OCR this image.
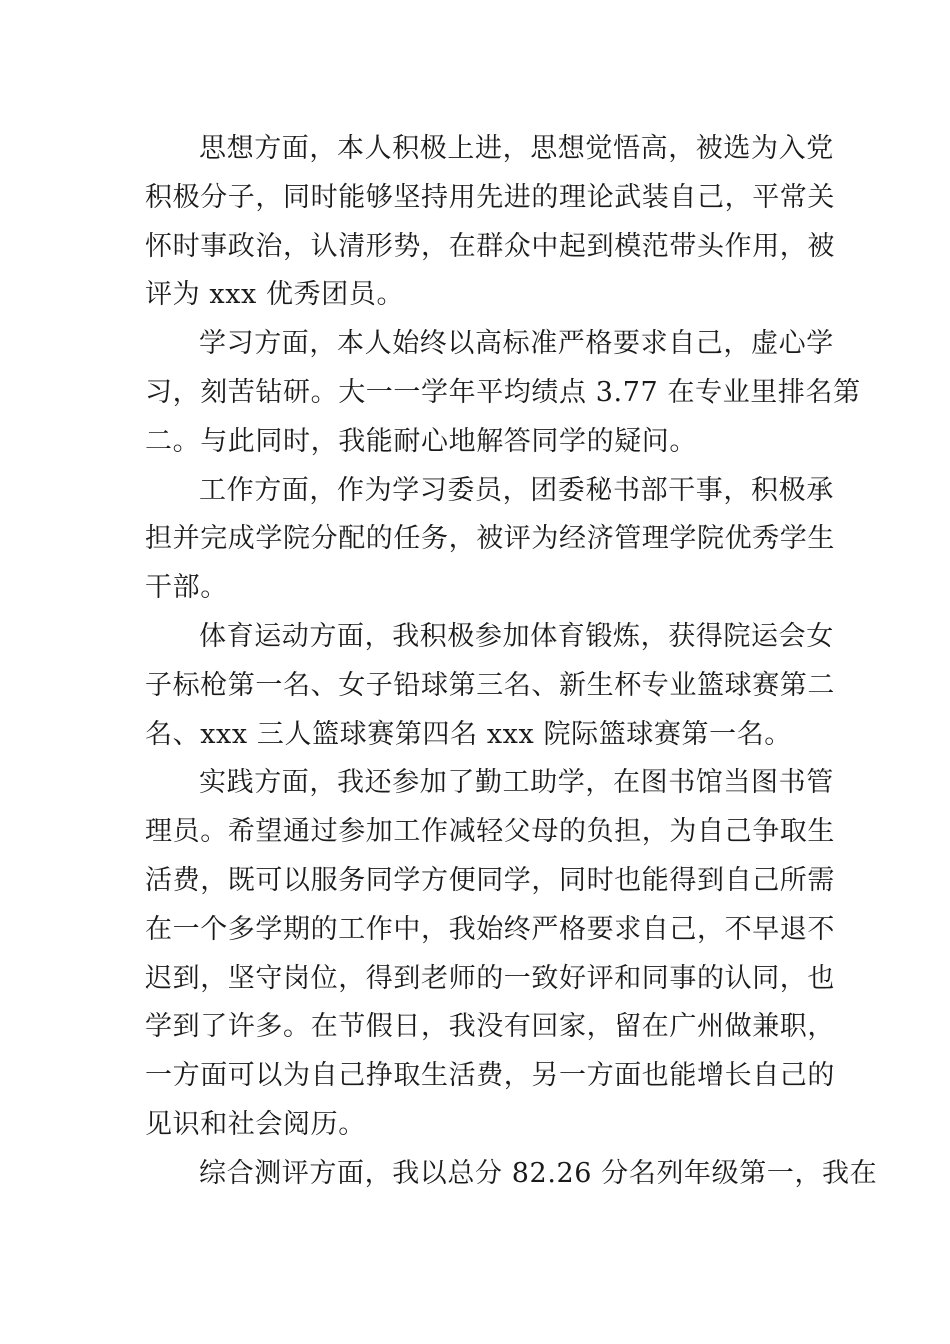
思想方面，本人积极上进，思想觉悟高，被选为入党
积极分子，同时能够坚持用先进的理论武装自己，平常关
怀时事政治，认清形势，在群众中起到模范带头作用，被
评为 xxx 优秀团员。
学习方面，本人始终以高标准严格要求自己，虚心学
习，刻苦钻研。大一一学年平均绩点 3.77 在专业里排名第
二。与此同时，我能耐心地解答同学的疑问。
工作方面，作为学习委员，团委秘书部干事，积极承
担并完成学院分配的任务，被评为经济管理学院优秀学生
干部。
体育运动方面，我积极参加体育锻炼，获得院运会女
子标枪第一名、女子铅球第三名、新生杯专业篮球赛第二
名、xxx 三人篮球赛第四名 xxx 院际篮球赛第一名。
实践方面，我还参加了勤工助学，在图书馆当图书管
理员。希望通过参加工作减轻父母的负担，为自己争取生
活费，既可以服务同学方便同学，同时也能得到自己所需
在一个多学期的工作中，我始终严格要求自己，不早退不
迟到，坚守岗位，得到老师的一致好评和同事的认同，也
学到了许多。在节假日，我没有回家，留在广州做兼职，
一方面可以为自己挣取生活费，另一方面也能增长自己的
见识和社会阅历。
综合测评方面，我以总分 82.26 分名列年级第一，我在
